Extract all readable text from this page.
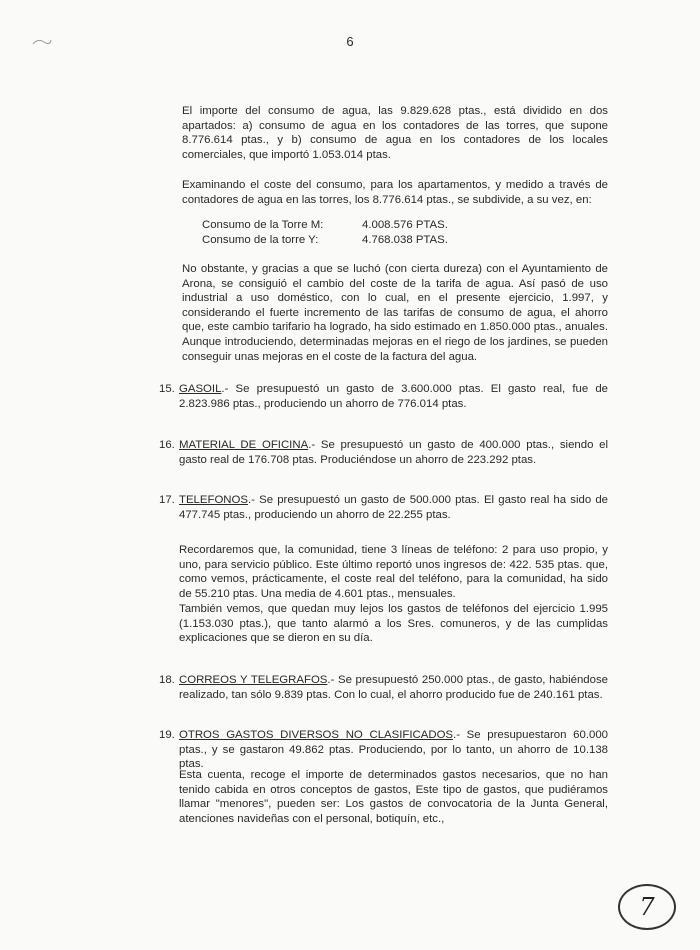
6
El importe del consumo de agua, las 9.829.628 ptas., está dividido en dos apartados: a) consumo de agua en los contadores de las torres, que supone 8.776.614 ptas., y b) consumo de agua en los contadores de los locales comerciales, que importó 1.053.014 ptas.
Examinando el coste del consumo, para los apartamentos, y medido a través de contadores de agua en las torres, los 8.776.614 ptas., se subdivide, a su vez, en:
Consumo de la Torre M:	4.008.576 PTAS.
Consumo de la torre Y:	4.768.038 PTAS.
No obstante, y gracias a que se luchó (con cierta dureza) con el Ayuntamiento de Arona, se consiguió el cambio del coste de la tarifa de agua. Así pasó de uso industrial a uso doméstico, con lo cual, en el presente ejercicio, 1.997, y considerando el fuerte incremento de las tarifas de consumo de agua, el ahorro que, este cambio tarifario ha logrado, ha sido estimado en 1.850.000 ptas., anuales. Aunque introduciendo, determinadas mejoras en el riego de los jardines, se pueden conseguir unas mejoras en el coste de la factura del agua.
15. GASOIL.- Se presupuestó un gasto de 3.600.000 ptas. El gasto real, fue de 2.823.986 ptas., produciendo un ahorro de 776.014 ptas.
16. MATERIAL DE OFICINA.- Se presupuestó un gasto de 400.000 ptas., siendo el gasto real de 176.708 ptas. Produciéndose un ahorro de 223.292 ptas.
17. TELEFONOS.- Se presupuestó un gasto de 500.000 ptas. El gasto real ha sido de 477.745 ptas., produciendo un ahorro de 22.255 ptas.
Recordaremos que, la comunidad, tiene 3 líneas de teléfono: 2 para uso propio, y uno, para servicio público. Este último reportó unos ingresos de: 422. 535 ptas. que, como vemos, prácticamente, el coste real del teléfono, para la comunidad, ha sido de 55.210 ptas. Una media de 4.601 ptas., mensuales.
También vemos, que quedan muy lejos los gastos de teléfonos del ejercicio 1.995 (1.153.030 ptas.), que tanto alarmó a los Sres. comuneros, y de las cumplidas explicaciones que se dieron en su día.
18. CORREOS Y TELEGRAFOS.- Se presupuestó 250.000 ptas., de gasto, habiéndose realizado, tan sólo 9.839 ptas. Con lo cual, el ahorro producido fue de 240.161 ptas.
19. OTROS GASTOS DIVERSOS NO CLASIFICADOS.- Se presupuestaron 60.000 ptas., y se gastaron 49.862 ptas. Produciendo, por lo tanto, un ahorro de 10.138 ptas.
Esta cuenta, recoge el importe de determinados gastos necesarios, que no han tenido cabida en otros conceptos de gastos, Este tipo de gastos, que pudiéramos llamar "menores", pueden ser: Los gastos de convocatoria de la Junta General, atenciones navideñas con el personal, botiquín, etc.,
7
